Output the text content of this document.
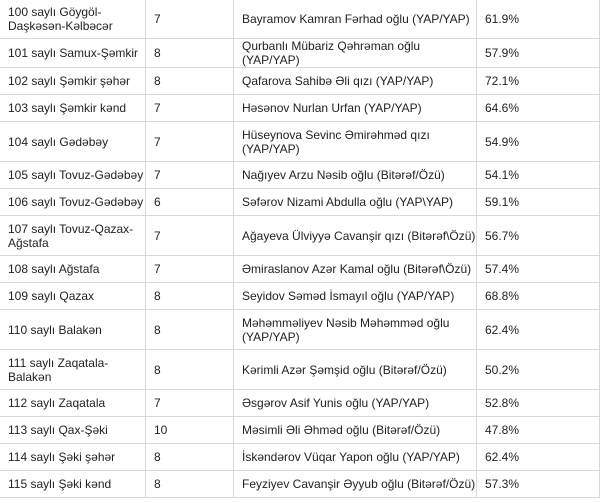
100 saylı Göygöl-Daşkəsən-Kəlbəcər	7	Bayramov Kamran Fərhad oğlu (YAP/YAP)	61.9%
101 saylı Samux-Şəmkir	8	Qurbanlı Mübariz Qəhrəman oğlu (YAP/YAP)	57.9%
102 saylı Şəmkir şəhər	8	Qafarova Sahibə Əli qızı (YAP/YAP)	72.1%
103 saylı Şəmkir kənd	7	Həsənov Nurlan Urfan (YAP/YAP)	64.6%
104 saylı Gədəbəy	7	Hüseynova Sevinc Əmirəhməd qızı (YAP/YAP)	54.9%
105 saylı Tovuz-Gədəbəy	7	Nağıyev Arzu Nəsib oğlu (Bitərəf/Özü)	54.1%
106 saylı Tovuz-Gədəbəy	6	Səfərov Nizami Abdulla oğlu (YAP\YAP)	59.1%
107 saylı Tovuz-Qazax-Ağstafa	7	Ağayeva Ülviyyə Cavanşir qızı (Bitərəf\Özü)	56.7%
108 saylı Ağstafa	7	Əmiraslanov Azər Kamal oğlu (Bitərəf\Özü)	57.4%
109 saylı Qazax	8	Seyidov Səməd İsmayıl oğlu (YAP/YAP)	68.8%
110 saylı Balakən	8	Məhəmməliyev Nəsib Məhəmməd oğlu (YAP/YAP)	62.4%
111 saylı Zaqatala-Balakən	8	Kərimli Azər Şəmşid oğlu (Bitərəf/Özü)	50.2%
112 saylı Zaqatala	7	Əsgərov Asif Yunis oğlu (YAP/YAP)	52.8%
113 saylı Qax-Şəki	10	Məsimli Əli Əhməd oğlu (Bitərəf/Özü)	47.8%
114 saylı Şəki şəhər	8	İskəndərov Vüqar Yapon oğlu (YAP/YAP)	62.4%
115 saylı Şəki kənd	8	Feyziyev Cavanşir Əyyub oğlu (Bitərəf/Özü)	57.3%
